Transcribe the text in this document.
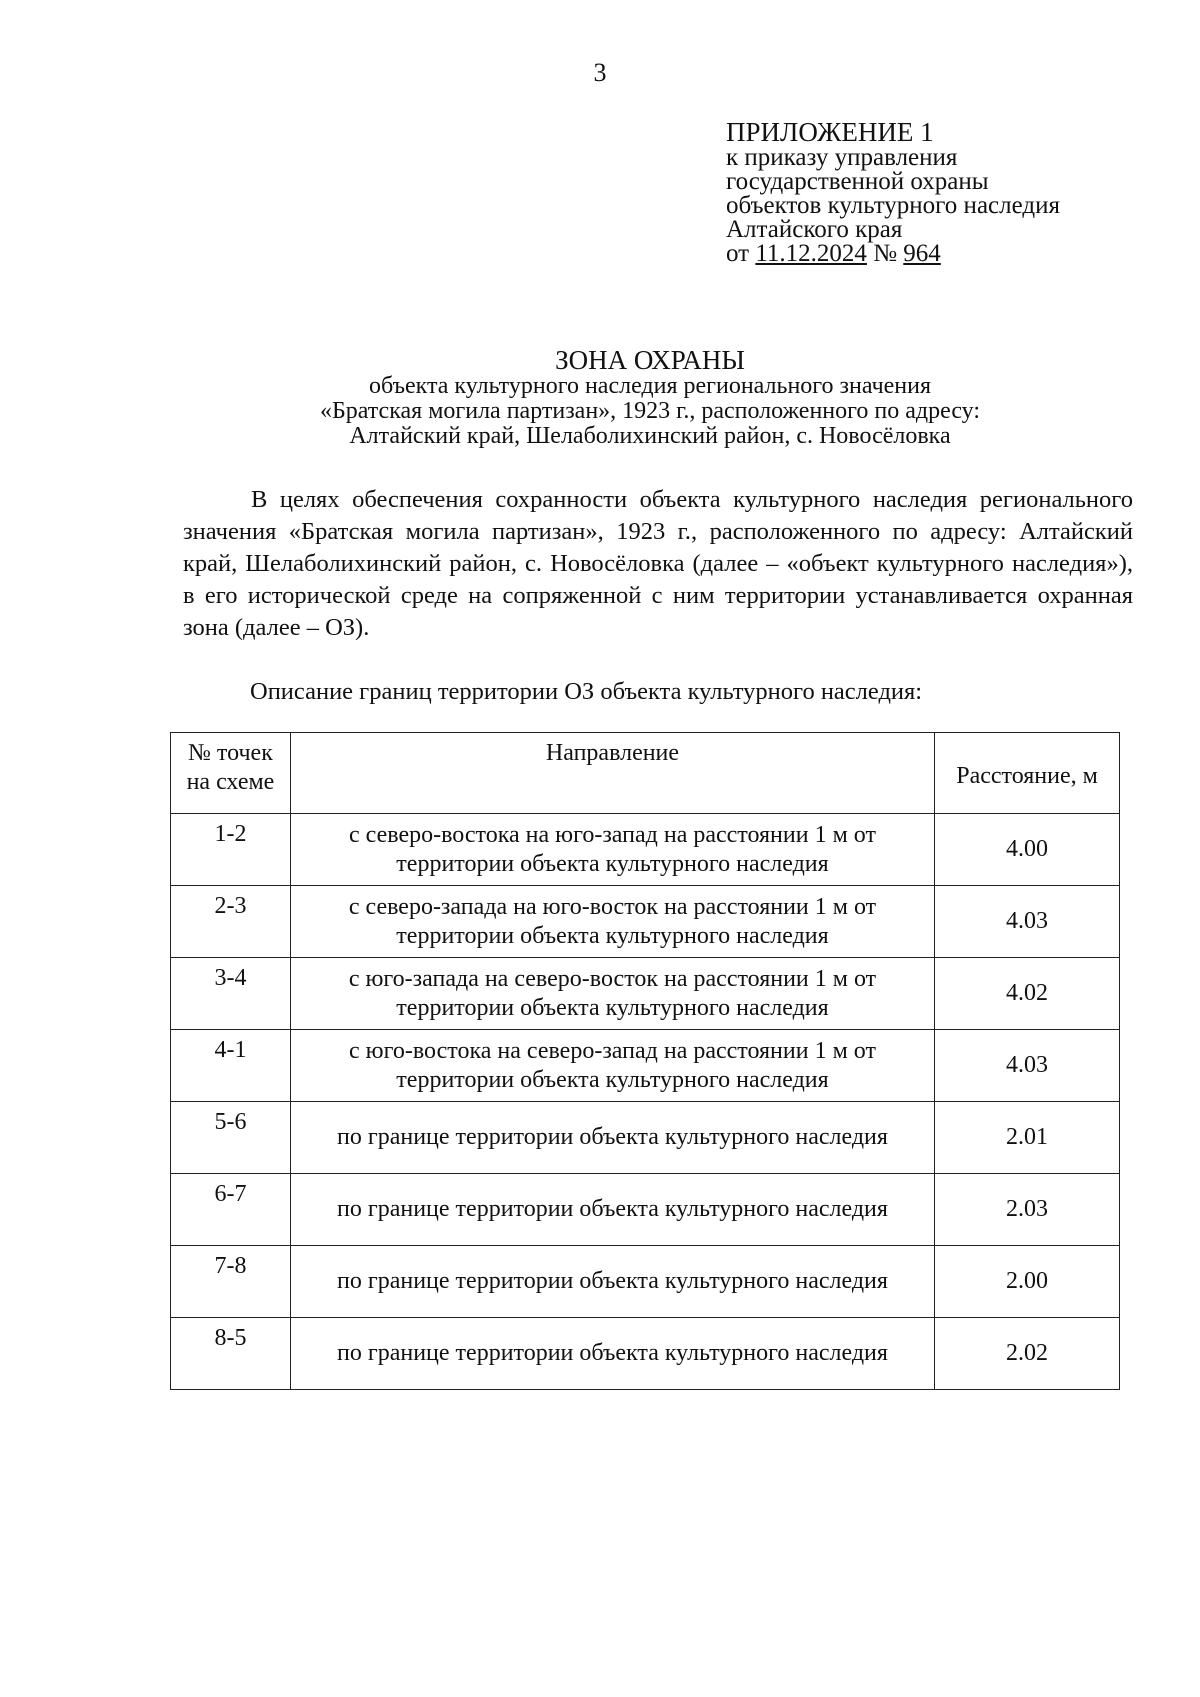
3
ПРИЛОЖЕНИЕ 1
к приказу управления
государственной охраны
объектов культурного наследия
Алтайского края
от 11.12.2024 № 964
ЗОНА ОХРАНЫ
объекта культурного наследия регионального значения
«Братская могила партизан», 1923 г., расположенного по адресу:
Алтайский край, Шелаболихинский район, с. Новосёловка
В целях обеспечения сохранности объекта культурного наследия регионального значения «Братская могила партизан», 1923 г., расположенного по адресу: Алтайский край, Шелаболихинский район, с. Новосёловка (далее – «объект культурного наследия»), в его исторической среде на сопряженной с ним территории устанавливается охранная зона (далее – ОЗ).
Описание границ территории ОЗ объекта культурного наследия:
№ точек на схеме	Направление	Расстояние, м
1-2	с северо-востока на юго-запад на расстоянии 1 м от территории объекта культурного наследия	4.00
2-3	с северо-запада на юго-восток на расстоянии 1 м от территории объекта культурного наследия	4.03
3-4	с юго-запада на северо-восток на расстоянии 1 м от территории объекта культурного наследия	4.02
4-1	с юго-востока на северо-запад на расстоянии 1 м от территории объекта культурного наследия	4.03
5-6	по границе территории объекта культурного наследия	2.01
6-7	по границе территории объекта культурного наследия	2.03
7-8	по границе территории объекта культурного наследия	2.00
8-5	по границе территории объекта культурного наследия	2.02
